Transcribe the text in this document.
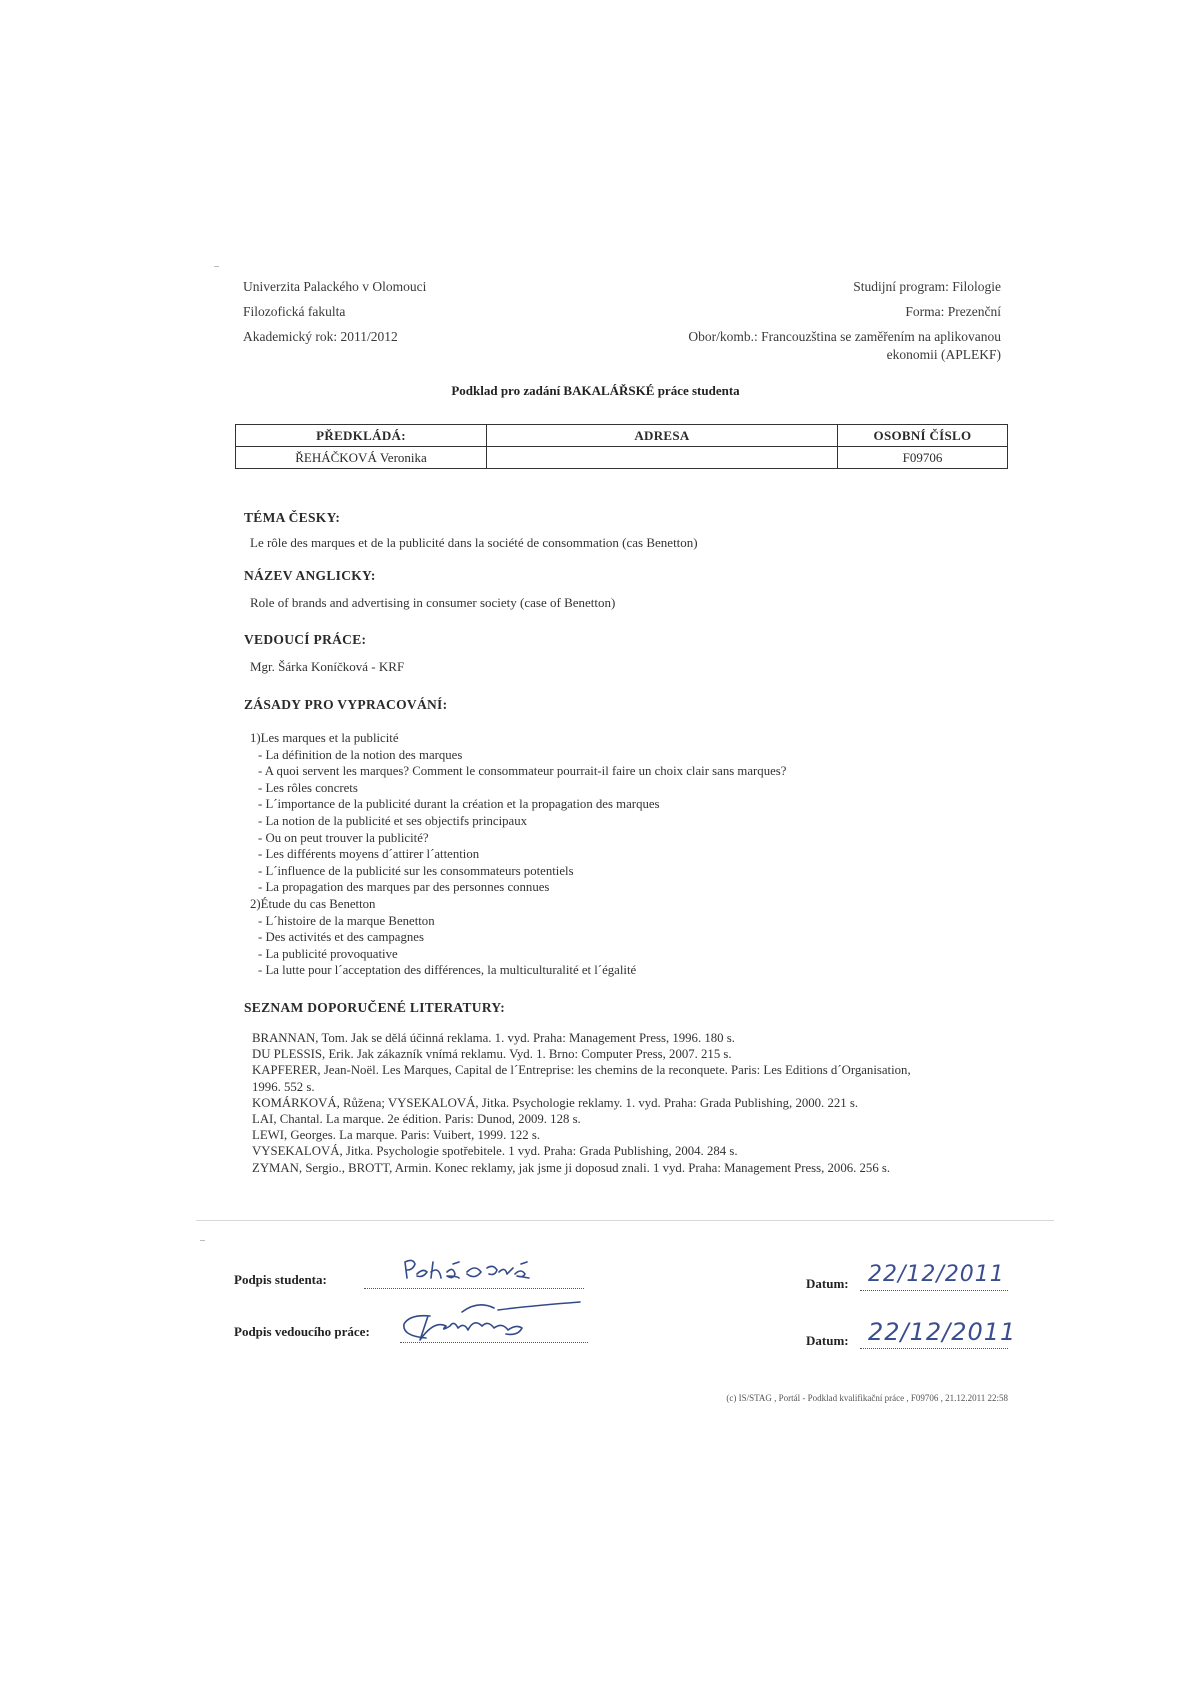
Univerzita Palackého v Olomouci
Filozofická fakulta
Akademický rok: 2011/2012
Studijní program: Filologie
Forma: Prezenční
Obor/komb.: Francouzština se zaměřením na aplikovanou
ekonomii (APLEKF)
Podklad pro zadání BAKALÁŘSKÉ práce studenta
PŘEDKLÁDÁ:	ADRESA	OSOBNÍ ČÍSLO
ŘEHÁČKOVÁ Veronika		F09706
TÉMA ČESKY:
Le rôle des marques et de la publicité dans la société de consommation (cas Benetton)
NÁZEV ANGLICKY:
Role of brands and advertising in consumer society (case of Benetton)
VEDOUCÍ PRÁCE:
Mgr. Šárka Koníčková - KRF
ZÁSADY PRO VYPRACOVÁNÍ:
1)Les marques et la publicité
- La définition de la notion des marques
- A quoi servent les marques? Comment le consommateur pourrait-il faire un choix clair sans marques?
- Les rôles concrets
- L´importance de la publicité durant la création et la propagation des marques
- La notion de la publicité et ses objectifs principaux
- Ou on peut trouver la publicité?
- Les différents moyens d´attirer l´attention
- L´influence de la publicité sur les consommateurs potentiels
- La propagation des marques par des personnes connues
2)Étude du cas Benetton
- L´histoire de la marque Benetton
- Des activités et des campagnes
- La publicité provoquative
- La lutte pour l´acceptation des différences, la multiculturalité et l´égalité
SEZNAM DOPORUČENÉ LITERATURY:
BRANNAN, Tom. Jak se dělá účinná reklama. 1. vyd. Praha: Management Press, 1996. 180 s.
DU PLESSIS, Erik. Jak zákazník vnímá reklamu. Vyd. 1. Brno: Computer Press, 2007. 215 s.
KAPFERER, Jean-Noël. Les Marques, Capital de l´Entreprise: les chemins de la reconquete. Paris: Les Editions d´Organisation,
1996. 552 s.
KOMÁRKOVÁ, Růžena; VYSEKALOVÁ, Jitka. Psychologie reklamy. 1. vyd. Praha: Grada Publishing, 2000. 221 s.
LAI, Chantal. La marque. 2e édition. Paris: Dunod, 2009. 128 s.
LEWI, Georges. La marque. Paris: Vuibert, 1999. 122 s.
VYSEKALOVÁ, Jitka. Psychologie spotřebitele. 1 vyd. Praha: Grada Publishing, 2004. 284 s.
ZYMAN, Sergio., BROTT, Armin. Konec reklamy, jak jsme ji doposud znali. 1 vyd. Praha: Management Press, 2006. 256 s.
Podpis studenta:
Podpis vedoucího práce:
Datum: 22/12/2011
Datum: 22/12/2011
(c) IS/STAG , Portál - Podklad kvalifikační práce , F09706 , 21.12.2011 22:58
